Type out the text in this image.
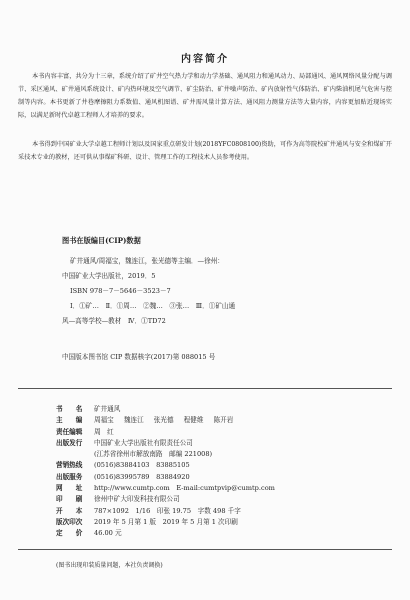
内容简介

本书内容丰富，共分为十三章，系统介绍了矿井空气热力学和动力学基础、通风阻力和通风动力、局部通风、通风网络风量分配与调节、采区通风、矿井通风系统设计、矿内热环境及空气调节、矿尘防治、矿井噪声防治、矿内放射性气体防治、矿内柴油机尾气危害与控制等内容。本书更新了井巷摩擦阻力系数值、通风机图谱、矿井需风量计算方法、通风阻力测量方法等大量内容，内容更加贴近现场实际，以满足新时代卓越工程师人才培养的要求。

本书得到中国矿业大学卓越工程师计划以及国家重点研发计划(2018YFC0808100)资助，可作为高等院校矿井通风与安全和煤矿开采技术专业的教材，还可供从事煤矿科研、设计、管理工作的工程技术人员参考使用。

图书在版编目(CIP)数据
矿井通风/周福宝，魏连江，张光德等主编．—徐州：
中国矿业大学出版社，2019．5
ISBN 978－7－5646－3523－7
Ⅰ．①矿…　Ⅱ．①周…　②魏…　③张…　Ⅲ．①矿山通
风—高等学校—教材　Ⅳ．①TD72
中国版本图书馆 CIP 数据核字(2017)第 088015 号
书　　名	矿井通风
主　　编	周福宝 魏连江 张光德 程健维 陈开岩
责任编辑	周　红
出版发行	中国矿业大学出版社有限责任公司
(江苏省徐州市解放南路　邮编 221008)
营销热线	(0516)83884103　83885105
出版服务	(0516)83995789　83884920
网　　址	http://www.cumtp.com　E-mail:cumtpvip@cumtp.com
印　　刷	徐州中矿大印发科技有限公司
开　　本	787×1092　1/16　印张 19.75　字数 498 千字
版次印次	2019 年 5 月第 1 版　2019 年 5 月第 1 次印刷
定　　价	46.00 元
(图书出现印装质量问题，本社负责调换)
